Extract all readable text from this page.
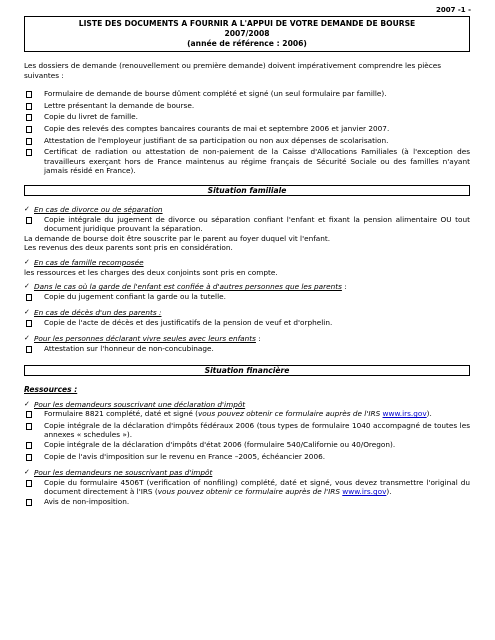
2007 -1 -
LISTE DES DOCUMENTS A FOURNIR A L'APPUI DE VOTRE DEMANDE DE BOURSE
2007/2008
(année de référence : 2006)

Les dossiers de demande (renouvellement ou première demande) doivent impérativement comprendre les pièces suivantes :

Formulaire de demande de bourse dûment complété et signé (un seul formulaire par famille).
Lettre présentant la demande de bourse.
Copie du livret de famille.
Copie des relevés des comptes bancaires courants de mai et septembre 2006 et janvier 2007.
Attestation de l'employeur justifiant de sa participation ou non aux dépenses de scolarisation.
Certificat de radiation ou attestation de non-paiement de la Caisse d'Allocations Familiales (à l'exception des travailleurs exerçant hors de France maintenus au régime français de Sécurité Sociale ou des familles n'ayant jamais résidé en France).
Situation familiale
✓ En cas de divorce ou de séparation
Copie intégrale du jugement de divorce ou séparation confiant l'enfant et fixant la pension alimentaire OU tout document juridique prouvant la séparation.

La demande de bourse doit être souscrite par le parent au foyer duquel vit l'enfant.

Les revenus des deux parents sont pris en considération.

✓ En cas de famille recomposée

les ressources et les charges des deux conjoints sont pris en compte.

✓ Dans le cas où la garde de l'enfant est confiée à d'autres personnes que les parents :
Copie du jugement confiant la garde ou la tutelle.
✓ En cas de décès d'un des parents :
Copie de l'acte de décès et des justificatifs de la pension de veuf et d'orphelin.
✓ Pour les personnes déclarant vivre seules avec leurs enfants :
Attestation sur l'honneur de non-concubinage.
Situation financière
Ressources :
✓ Pour les demandeurs souscrivant une déclaration d'impôt
Formulaire 8821 complété, daté et signé (vous pouvez obtenir ce formulaire auprès de l'IRS www.irs.gov).
Copie intégrale de la déclaration d'impôts fédéraux 2006 (tous types de formulaire 1040 accompagné de toutes les annexes « schedules »).
Copie intégrale de la déclaration d'impôts d'état 2006 (formulaire 540/Californie ou 40/Oregon).
Copie de l'avis d'imposition sur le revenu en France –2005, échéancier 2006.
✓ Pour les demandeurs ne souscrivant pas d'impôt
Copie du formulaire 4506T (verification of nonfiling) complété, daté et signé, vous devez transmettre l'original du document directement à l'IRS (vous pouvez obtenir ce formulaire auprès de l'IRS www.irs.gov).
Avis de non-imposition.
